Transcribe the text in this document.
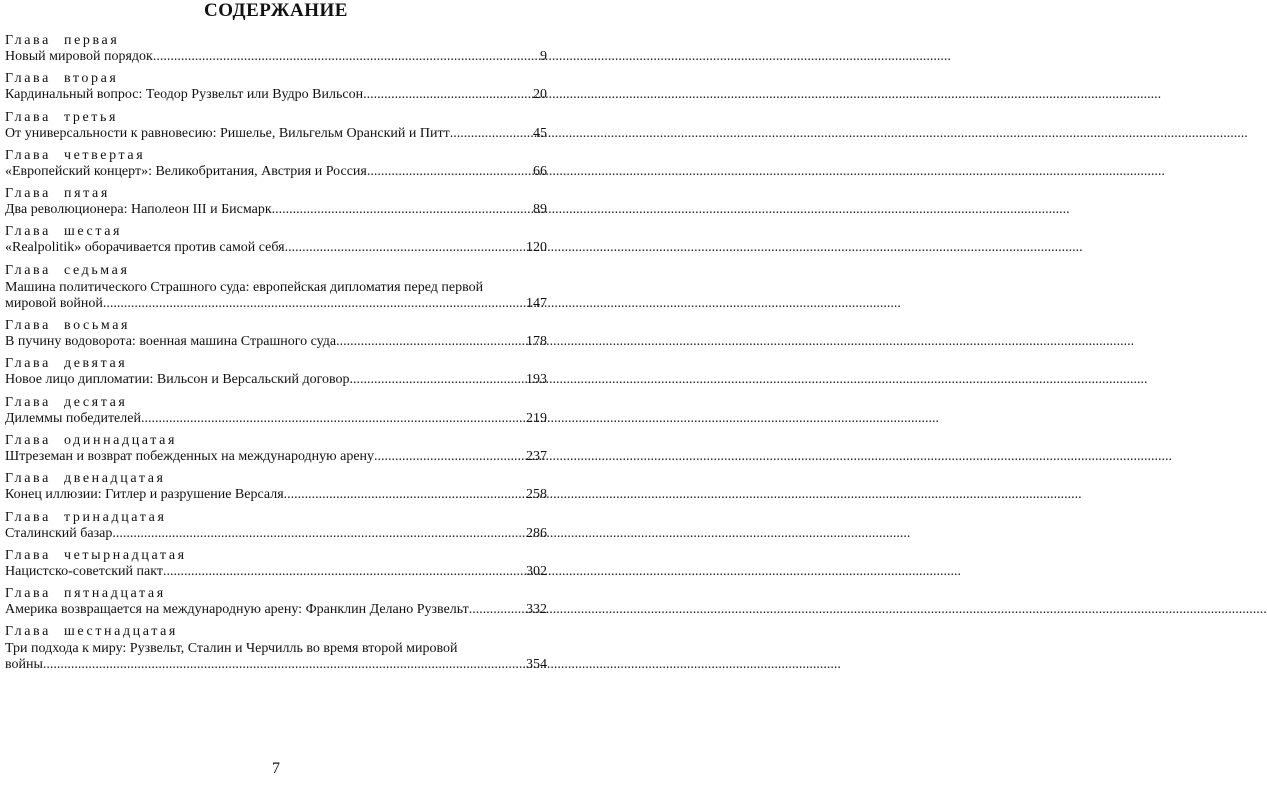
СОДЕРЖАНИЕ
Глава первая
Новый мировой порядок .....	9
Глава вторая
Кардинальный вопрос: Теодор Рузвельт или Вудро Вильсон .....	20
Глава третья
От универсальности к равновесию: Ришелье, Вильгельм Оранский и Питт .....	45
Глава четвертая
«Европейский концерт»: Великобритания, Австрия и Россия .....	66
Глава пятая
Два революционера: Наполеон III и Бисмарк .....	89
Глава шестая
«Realpolitik» оборачивается против самой себя .....	120
Глава седьмая
Машина политического Страшного суда: европейская дипломатия перед первой
мировой войной .....	147
Глава восьмая
В пучину водоворота: военная машина Страшного суда .....	178
Глава девятая
Новое лицо дипломатии: Вильсон и Версальский договор .....	193
Глава десятая
Дилеммы победителей .....	219
Глава одиннадцатая
Штреземан и возврат побежденных на международную арену .....	237
Глава двенадцатая
Конец иллюзии: Гитлер и разрушение Версаля .....	258
Глава тринадцатая
Сталинский базар .....	286
Глава четырнадцатая
Нацистско-советский пакт .....	302
Глава пятнадцатая
Америка возвращается на международную арену: Франклин Делано Рузвельт .....	332
Глава шестнадцатая
Три подхода к миру: Рузвельт, Сталин и Черчилль во время второй мировой
войны .....	354
7
